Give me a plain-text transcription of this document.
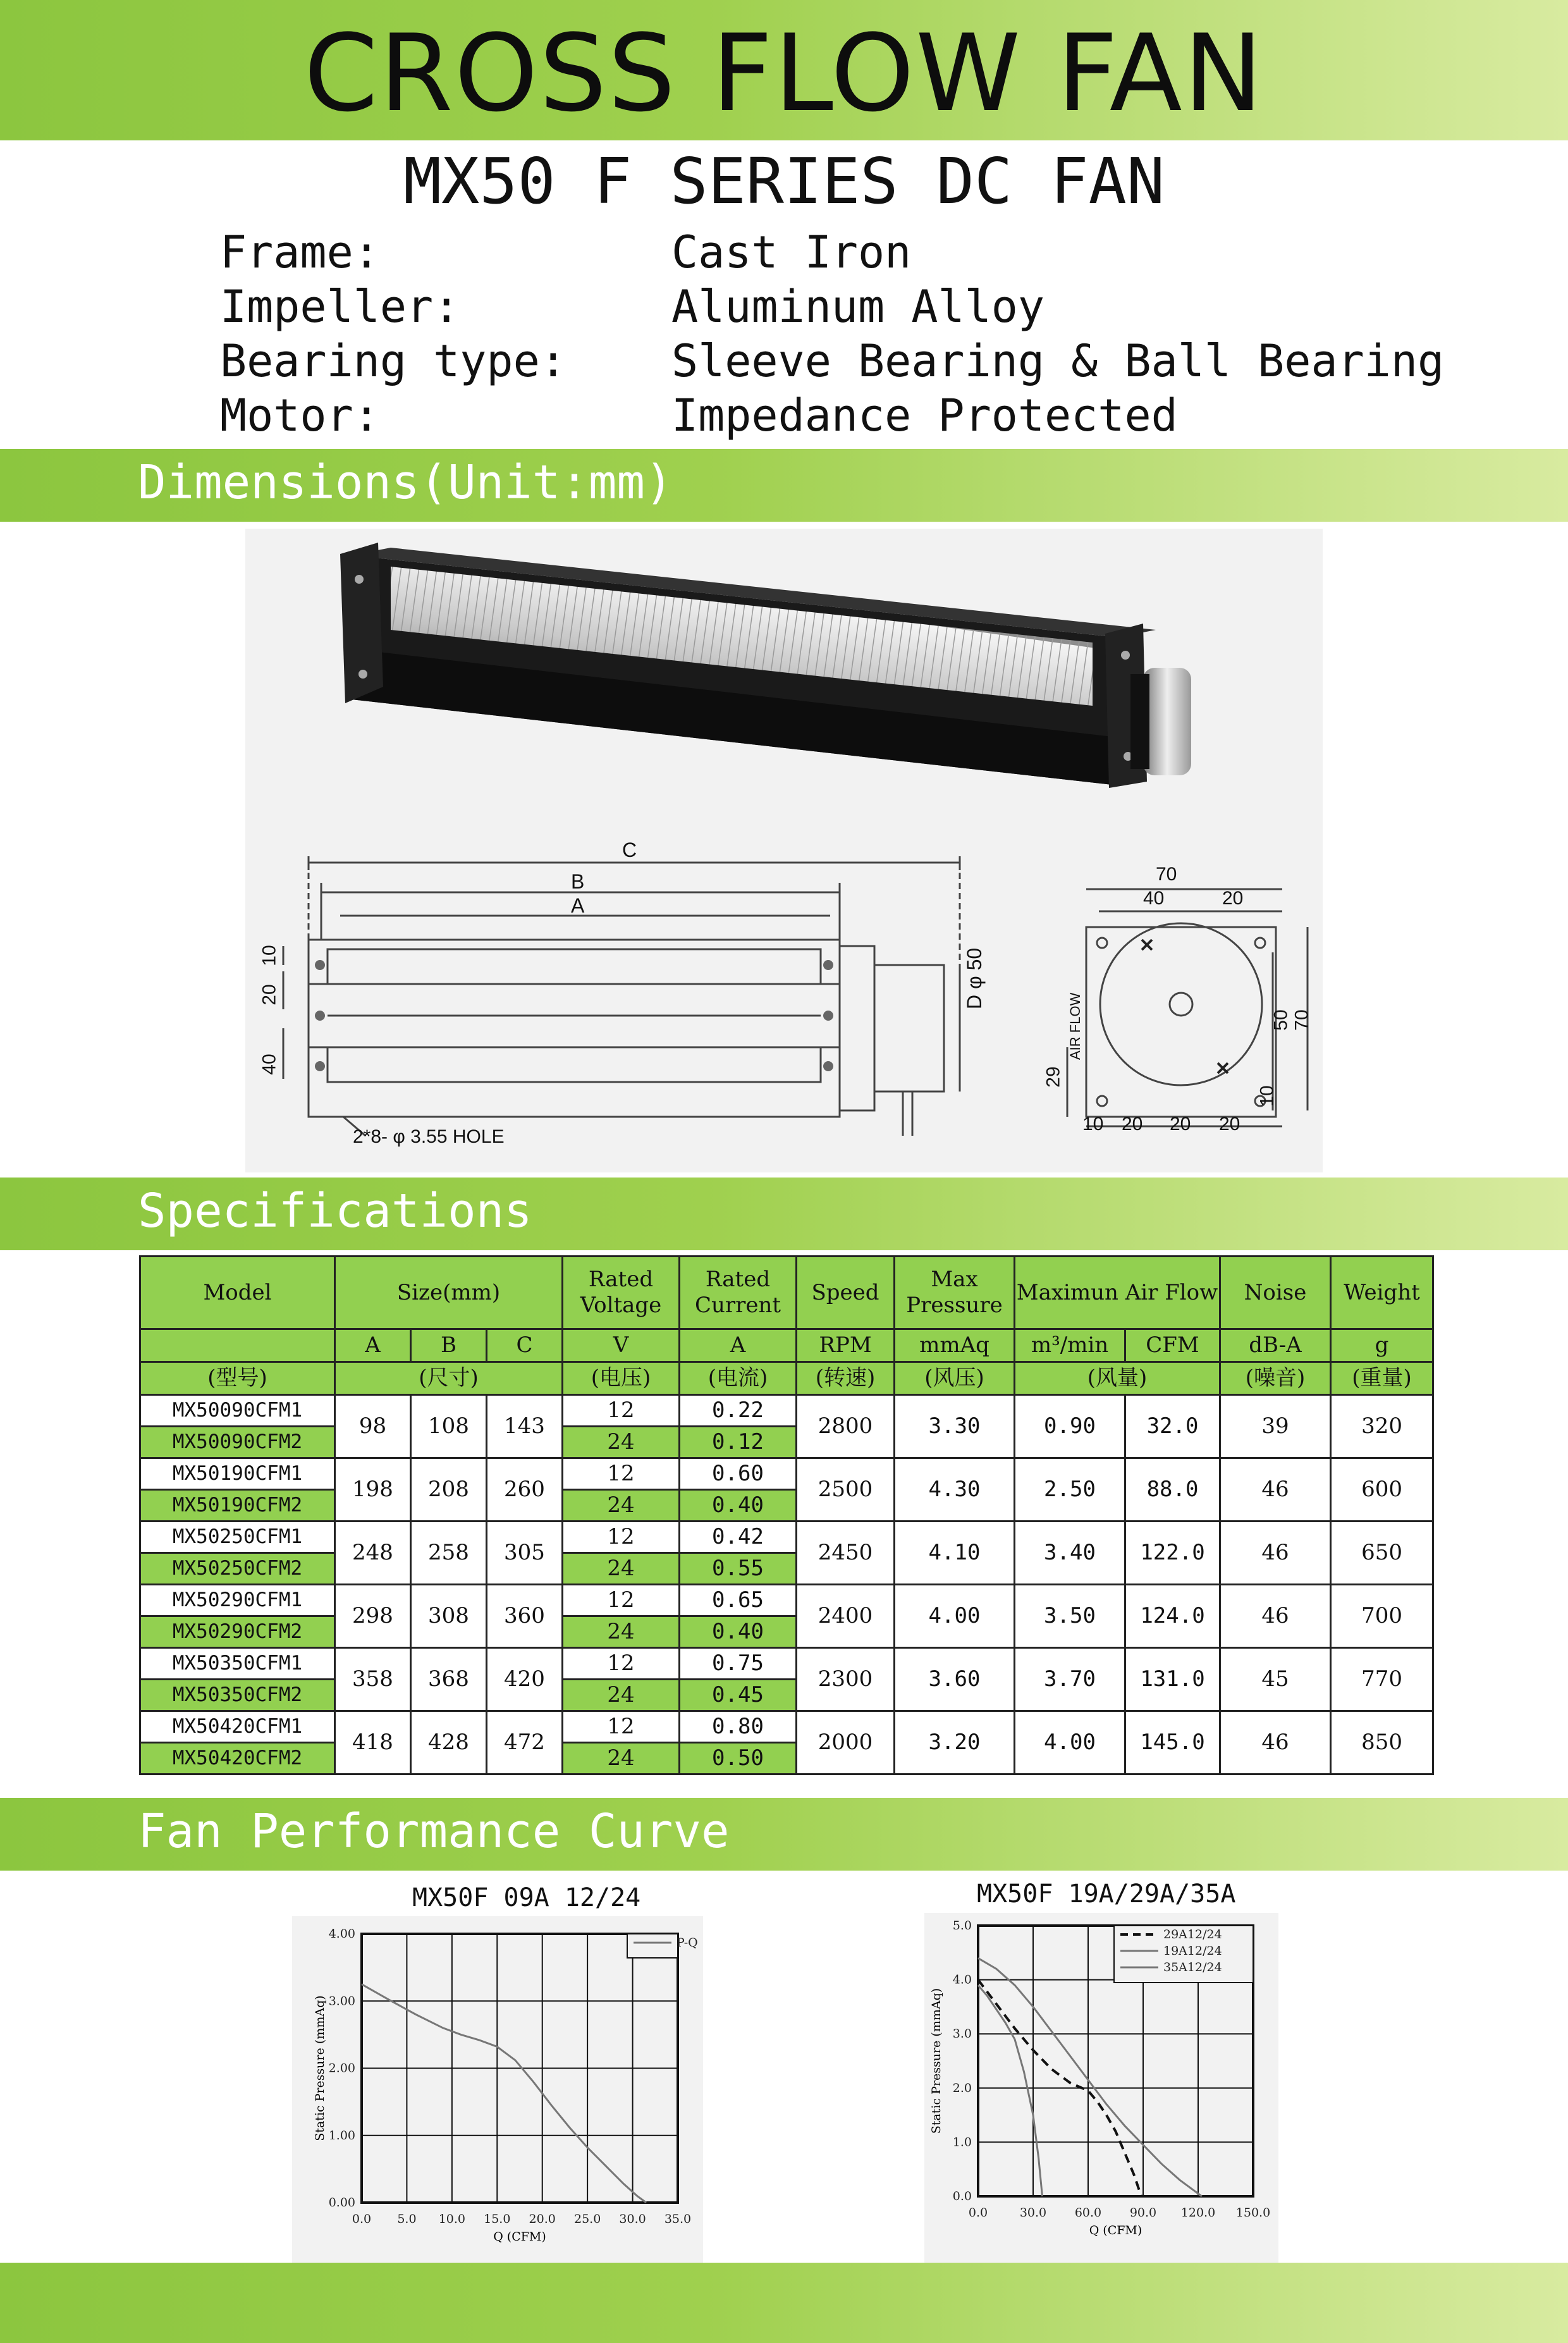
CROSS FLOW FAN
MX50 F SERIES DC FAN
Frame:	Cast Iron
Impeller:	Aluminum Alloy
Bearing type: Sleeve Bearing & Ball Bearing
Motor:	Impedance Protected
Dimensions(Unit:mm)
C
B
A
10
20
40
D φ 50
2*8- φ 3.55 HOLE
70
40	20
50 70
29
10
AIR FLOW
10 20 20 20
Specifications
Model	Size(mm)			Rated Voltage	Rated Current	Speed	Max Pressure	Maximun Air Flow		Noise	Weight

	A	B	C	V	A	RPM	mmAq	m³/min	CFM	dB-A	g
(型号)	(尺寸)			(电压)	(电流)	(转速)	(风压)	(风量)		(噪音)	(重量)
MX50090CFM1	98	108	143	12	0.22	2800	3.30	0.90	32.0	39	320
MX50090CFM2				24	0.12						
MX50190CFM1	198	208	260	12	0.60	2500	4.30	2.50	88.0	46	600
MX50190CFM2				24	0.40						
MX50250CFM1	248	258	305	12	0.42	2450	4.10	3.40	122.0	46	650
MX50250CFM2				24	0.55						
MX50290CFM1	298	308	360	12	0.65	2400	4.00	3.50	124.0	46	700
MX50290CFM2				24	0.40						
MX50350CFM1	358	368	420	12	0.75	2300	3.60	3.70	131.0	45	770
MX50350CFM2				24	0.45						
MX50420CFM1	418	428	472	12	0.80	2000	3.20	4.00	145.0	46	850
MX50420CFM2				24	0.50						
Fan Performance Curve
MX50F 09A 12/24	MX50F 19A/29A/35A
0.0 5.0 10.0 15.0 20.0 25.0 30.0 35.0
0.00
1.00
2.00
3.00
4.00
Q (CFM)
Static Pressure (mmAq)
P-Q
0.0	30.0 60.0 90.0 120.0 150.0
0.0
1.0
2.0
3.0
4.0
5.0
Q (CFM)
Static Pressure (mmAq)
29A12/24
19A12/24
35A12/24
